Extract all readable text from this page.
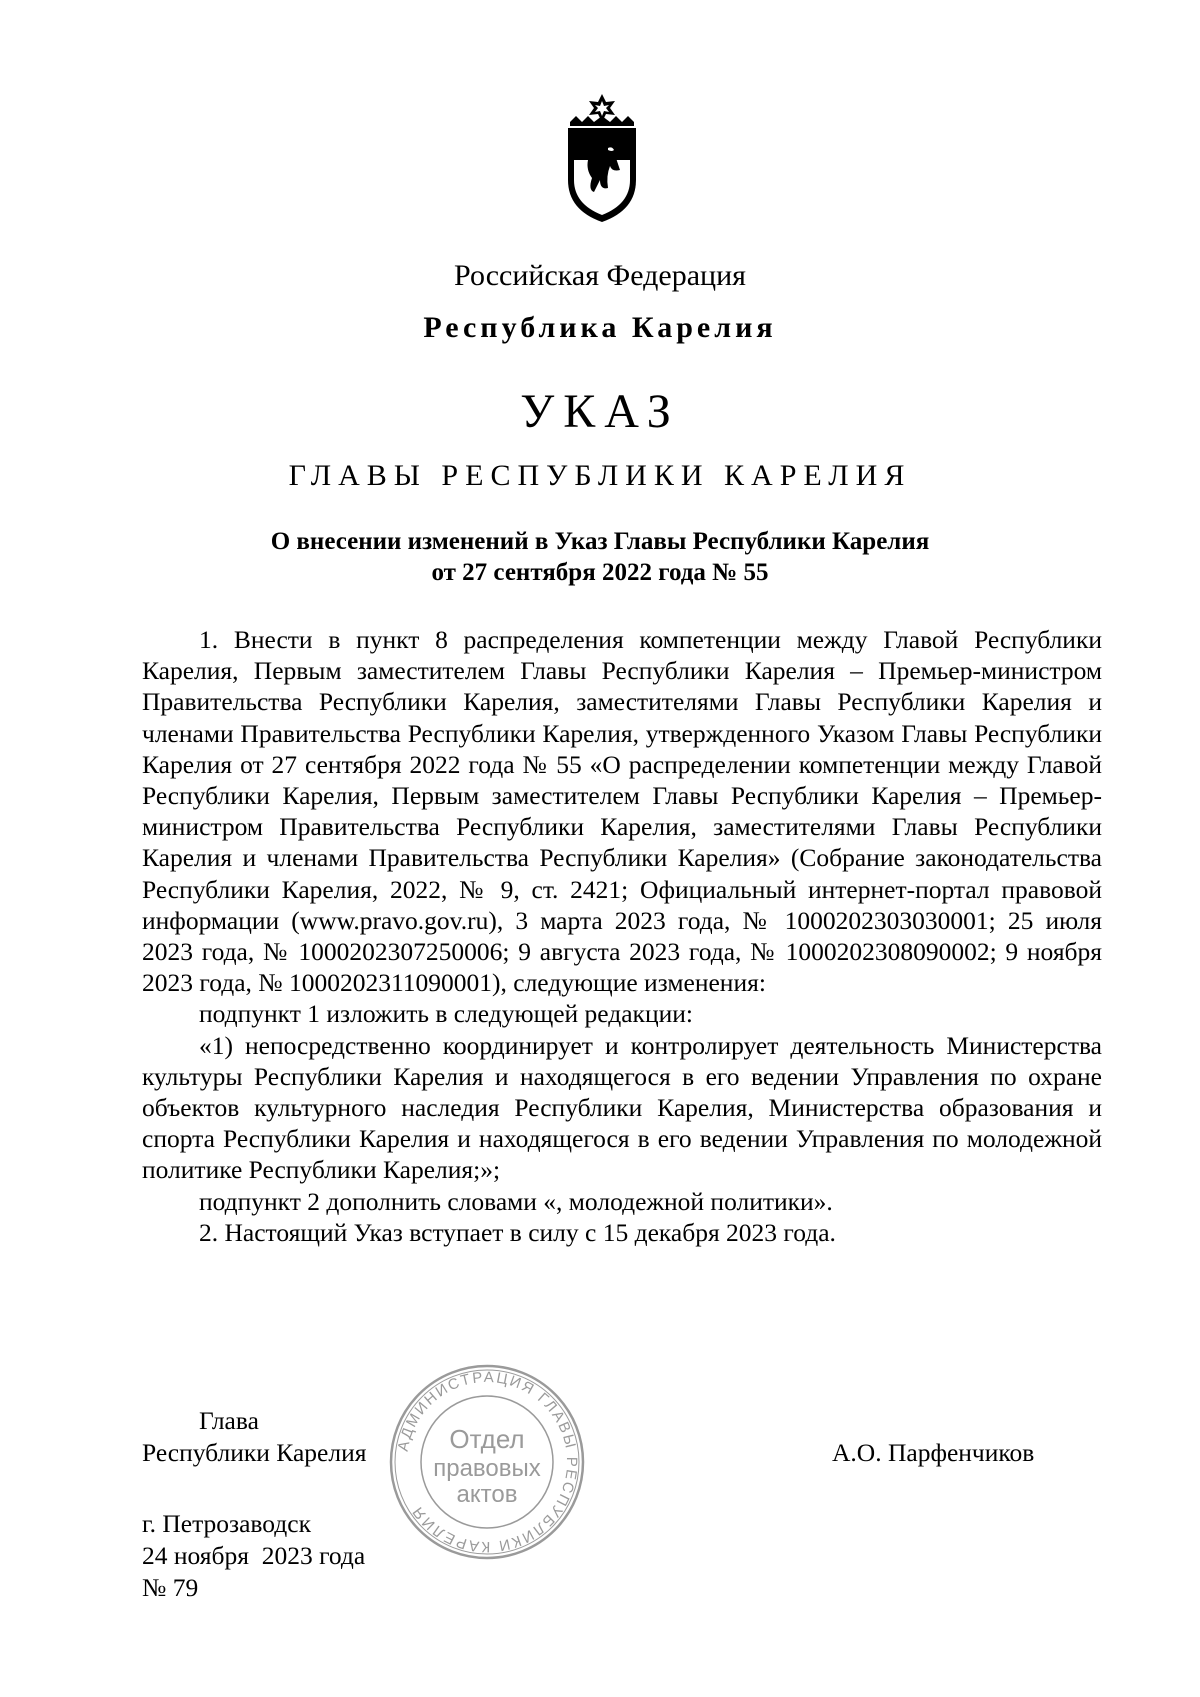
Российская Федерация
Республика Карелия
УКАЗ
ГЛАВЫ РЕСПУБЛИКИ КАРЕЛИЯ
О внесении изменений в Указ Главы Республики Карелия
от 27 сентября 2022 года № 55

1. Внести в пункт 8 распределения компетенции между Главой Республики Карелия, Первым заместителем Главы Республики Карелия – Премьер-министром Правительства Республики Карелия, заместителями Главы Республики Карелия и членами Правительства Республики Карелия, утвержденного Указом Главы Республики Карелия от 27 сентября 2022 года № 55 «О распределении компетенции между Главой Республики Карелия, Первым заместителем Главы Республики Карелия – Премьер-министром Правительства Республики Карелия, заместителями Главы Республики Карелия и членами Правительства Республики Карелия» (Собрание законодательства Республики Карелия, 2022, № 9, ст. 2421; Официальный интернет-портал правовой информации (www.pravo.gov.ru), 3 марта 2023 года, № 1000202303030001; 25 июля 2023 года, № 1000202307250006; 9 августа 2023 года, № 1000202308090002; 9 ноября 2023 года, № 1000202311090001), следующие изменения:

подпункт 1 изложить в следующей редакции:

«1) непосредственно координирует и контролирует деятельность Министерства культуры Республики Карелия и находящегося в его ведении Управления по охране объектов культурного наследия Республики Карелия, Министерства образования и спорта Республики Карелия и находящегося в его ведении Управления по молодежной политике Республики Карелия;»;

подпункт 2 дополнить словами «, молодежной политики».

2. Настоящий Указ вступает в силу с 15 декабря 2023 года.

АДМИНИСТРАЦИЯ ГЛАВЫ РЕСПУБЛИКИ КАРЕЛИЯ
Отдел
правовых
актов
Глава
Республики Карелия	А.О. Парфенчиков
г. Петрозаводск
24 ноября  2023 года
№ 79
